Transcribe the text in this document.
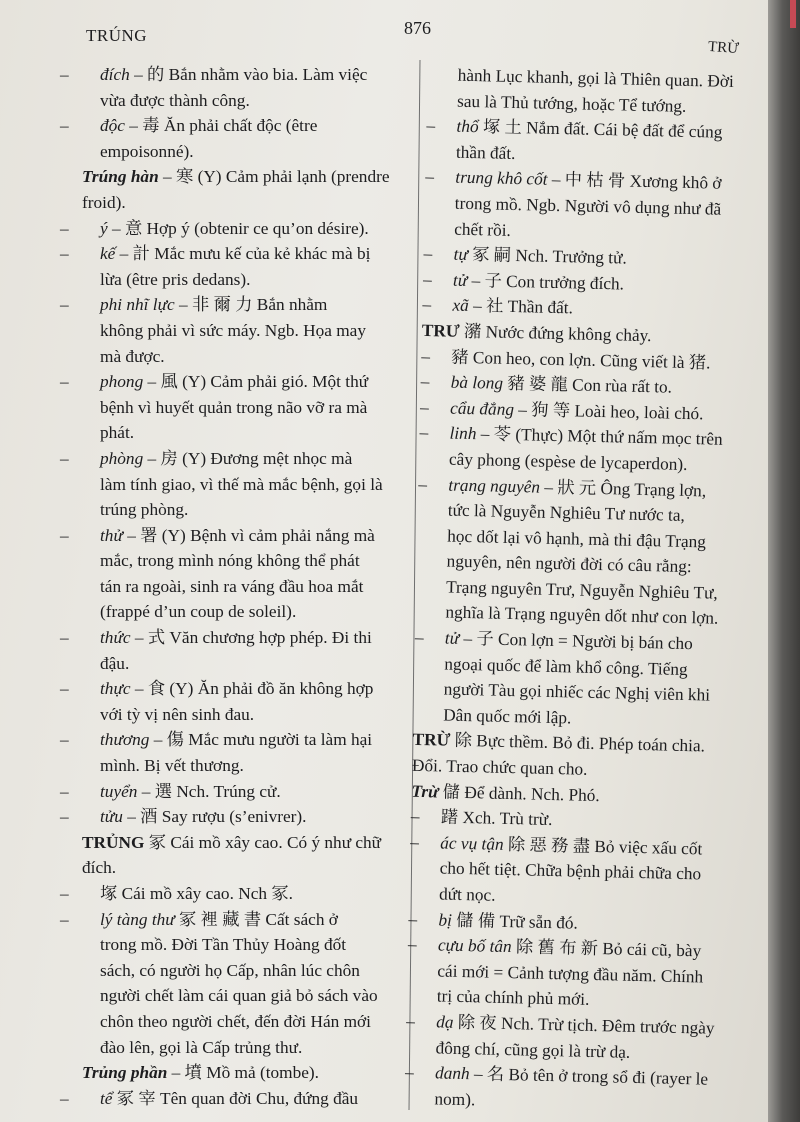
TRÚNG	876
TRỪ
– đích – 的 Bắn nhằm vào bia. Làm việc
vừa được thành công.
– độc – 毒 Ăn phải chất độc (être
empoisonné).
Trúng hàn – 寒 (Y) Cảm phải lạnh (prendre
froid).
– ý – 意 Hợp ý (obtenir ce qu’on désire).
– kế – 計 Mắc mưu kế của kẻ khác mà bị
lừa (être pris dedans).
– phi nhĩ lực – 非 爾 力 Bắn nhằm
không phải vì sức máy. Ngb. Họa may
mà được.
– phong – 風 (Y) Cảm phải gió. Một thứ
bệnh vì huyết quản trong não vỡ ra mà
phát.
– phòng – 房 (Y) Đương mệt nhọc mà
làm tính giao, vì thế mà mắc bệnh, gọi là
trúng phòng.
– thử – 署 (Y) Bệnh vì cảm phải nắng mà
mắc, trong mình nóng không thể phát
tán ra ngoài, sinh ra váng đầu hoa mắt
(frappé d’un coup de soleil).
– thức – 式 Văn chương hợp phép. Đi thi
đậu.
– thực – 食 (Y) Ăn phải đồ ăn không hợp
với tỳ vị nên sinh đau.
– thương – 傷 Mắc mưu người ta làm hại
mình. Bị vết thương.
– tuyển – 選 Nch. Trúng cử.
– tửu – 酒 Say rượu (s’enivrer).
TRỦNG 冢 Cái mồ xây cao. Có ý như chữ
đích.
– 塚 Cái mồ xây cao. Nch 冢.
– lý tàng thư 冢 裡 藏 書 Cất sách ở
trong mồ. Đời Tần Thủy Hoàng đốt
sách, có người họ Cấp, nhân lúc chôn
người chết làm cái quan giả bỏ sách vào
chôn theo người chết, đến đời Hán mới
đào lên, gọi là Cấp trủng thư.
Trủng phần – 墳 Mồ mả (tombe).
– tể 冢 宰 Tên quan đời Chu, đứng đầu
hành Lục khanh, gọi là Thiên quan. Đời
sau là Thủ tướng, hoặc Tể tướng.
– thổ 塚 土 Nắm đất. Cái bệ đất để cúng
thần đất.
– trung khô cốt – 中 枯 骨 Xương khô ở
trong mồ. Ngb. Người vô dụng như đã
chết rồi.
– tự 冢 嗣 Nch. Trưởng tử.
– tử – 子 Con trưởng đích.
– xã – 社 Thần đất.
TRƯ 瀦 Nước đứng không chảy.
– 豬 Con heo, con lợn. Cũng viết là 猪.
– bà long 豬 婆 龍 Con rùa rất to.
– cẩu đẳng – 狗 等 Loài heo, loài chó.
– linh – 苓 (Thực) Một thứ nấm mọc trên
cây phong (espèse de lycaperdon).
– trạng nguyên – 狀 元 Ông Trạng lợn,
tức là Nguyễn Nghiêu Tư nước ta,
học dốt lại vô hạnh, mà thi đậu Trạng
nguyên, nên người đời có câu rằng:
Trạng nguyên Trư, Nguyễn Nghiêu Tư,
nghĩa là Trạng nguyên dốt như con lợn.
– tử – 子 Con lợn = Người bị bán cho
ngoại quốc để làm khổ công. Tiếng
người Tàu gọi nhiếc các Nghị viên khi
Dân quốc mới lập.
TRỪ 除 Bực thềm. Bỏ đi. Phép toán chia.
Đổi. Trao chức quan cho.
Trừ 儲 Để dành. Nch. Phó.
– 躇 Xch. Trù trừ.
– ác vụ tận 除 惡 務 盡 Bỏ việc xấu cốt
cho hết tiệt. Chữa bệnh phải chữa cho
dứt nọc.
– bị 儲 備 Trữ sẵn đó.
– cựu bố tân 除 舊 布 新 Bỏ cái cũ, bày
cái mới = Cảnh tượng đầu năm. Chính
trị của chính phủ mới.
– dạ 除 夜 Nch. Trừ tịch. Đêm trước ngày
đông chí, cũng gọi là trừ dạ.
– danh – 名 Bỏ tên ở trong sổ đi (rayer le
nom).
